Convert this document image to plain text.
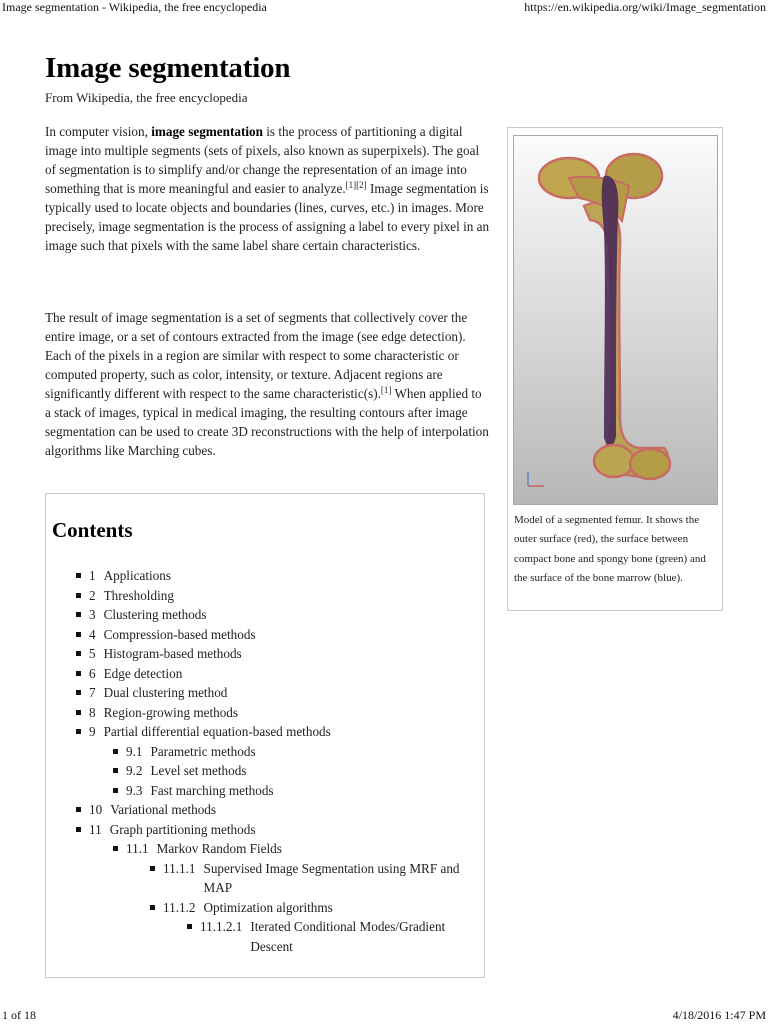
Image segmentation - Wikipedia, the free encyclopedia	https://en.wikipedia.org/wiki/Image_segmentation
Image segmentation
From Wikipedia, the free encyclopedia

In computer vision, image segmentation is the process of partitioning a digital image into multiple segments (sets of pixels, also known as superpixels). The goal of segmentation is to simplify and/or change the representation of an image into something that is more meaningful and easier to analyze.[1][2] Image segmentation is typically used to locate objects and boundaries (lines, curves, etc.) in images. More precisely, image segmentation is the process of assigning a label to every pixel in an image such that pixels with the same label share certain characteristics.

The result of image segmentation is a set of segments that collectively cover the entire image, or a set of contours extracted from the image (see edge detection). Each of the pixels in a region are similar with respect to some characteristic or computed property, such as color, intensity, or texture. Adjacent regions are significantly different with respect to the same characteristic(s).[1] When applied to a stack of images, typical in medical imaging, the resulting contours after image segmentation can be used to create 3D reconstructions with the help of interpolation algorithms like Marching cubes.

Contents
1 Applications
2 Thresholding
3 Clustering methods
4 Compression-based methods
5 Histogram-based methods
6 Edge detection
7 Dual clustering method
8 Region-growing methods
9 Partial differential equation-based methods
9.1 Parametric methods
9.2 Level set methods
9.3 Fast marching methods
10 Variational methods
11 Graph partitioning methods
11.1 Markov Random Fields
11.1.1 Supervised Image Segmentation using MRF and MAP
11.1.2 Optimization algorithms
11.1.2.1 Iterated Conditional Modes/Gradient Descent
Model of a segmented femur. It shows the outer surface (red), the surface between compact bone and spongy bone (green) and the surface of the bone marrow (blue).
1 of 18	4/18/2016 1:47 PM
